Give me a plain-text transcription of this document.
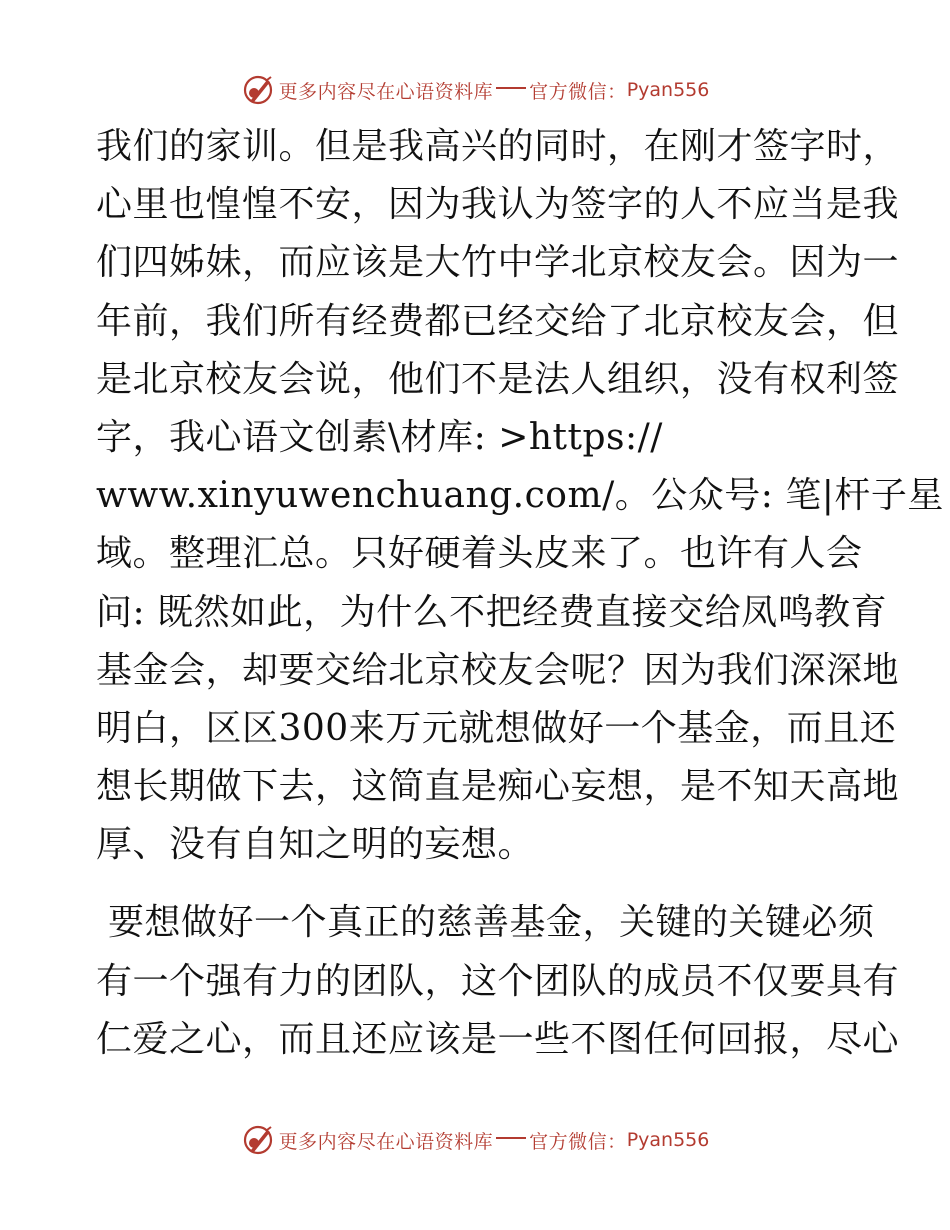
更多内容尽在心语资料库 官方微信： Pyan556
我们的家训。但是我高兴的同时，在刚才签字时，
心里也惶惶不安，因为我认为签字的人不应当是我
们四姊妹，而应该是大竹中学北京校友会。因为一
年前，我们所有经费都已经交给了北京校友会，但
是北京校友会说，他们不是法人组织，没有权利签
字，我心语文创素\材库: >https://
www.xinyuwenchuang.com/。公众号: 笔|杆子星
域。整理汇总。只好硬着头皮来了。也许有人会
问: 既然如此，为什么不把经费直接交给凤鸣教育
基金会，却要交给北京校友会呢？因为我们深深地
明白，区区300来万元就想做好一个基金，而且还
想长期做下去，这简直是痴心妄想，是不知天高地
厚、没有自知之明的妄想。
要想做好一个真正的慈善基金，关键的关键必须
有一个强有力的团队，这个团队的成员不仅要具有
仁爱之心，而且还应该是一些不图任何回报，尽心
更多内容尽在心语资料库 官方微信： Pyan556
